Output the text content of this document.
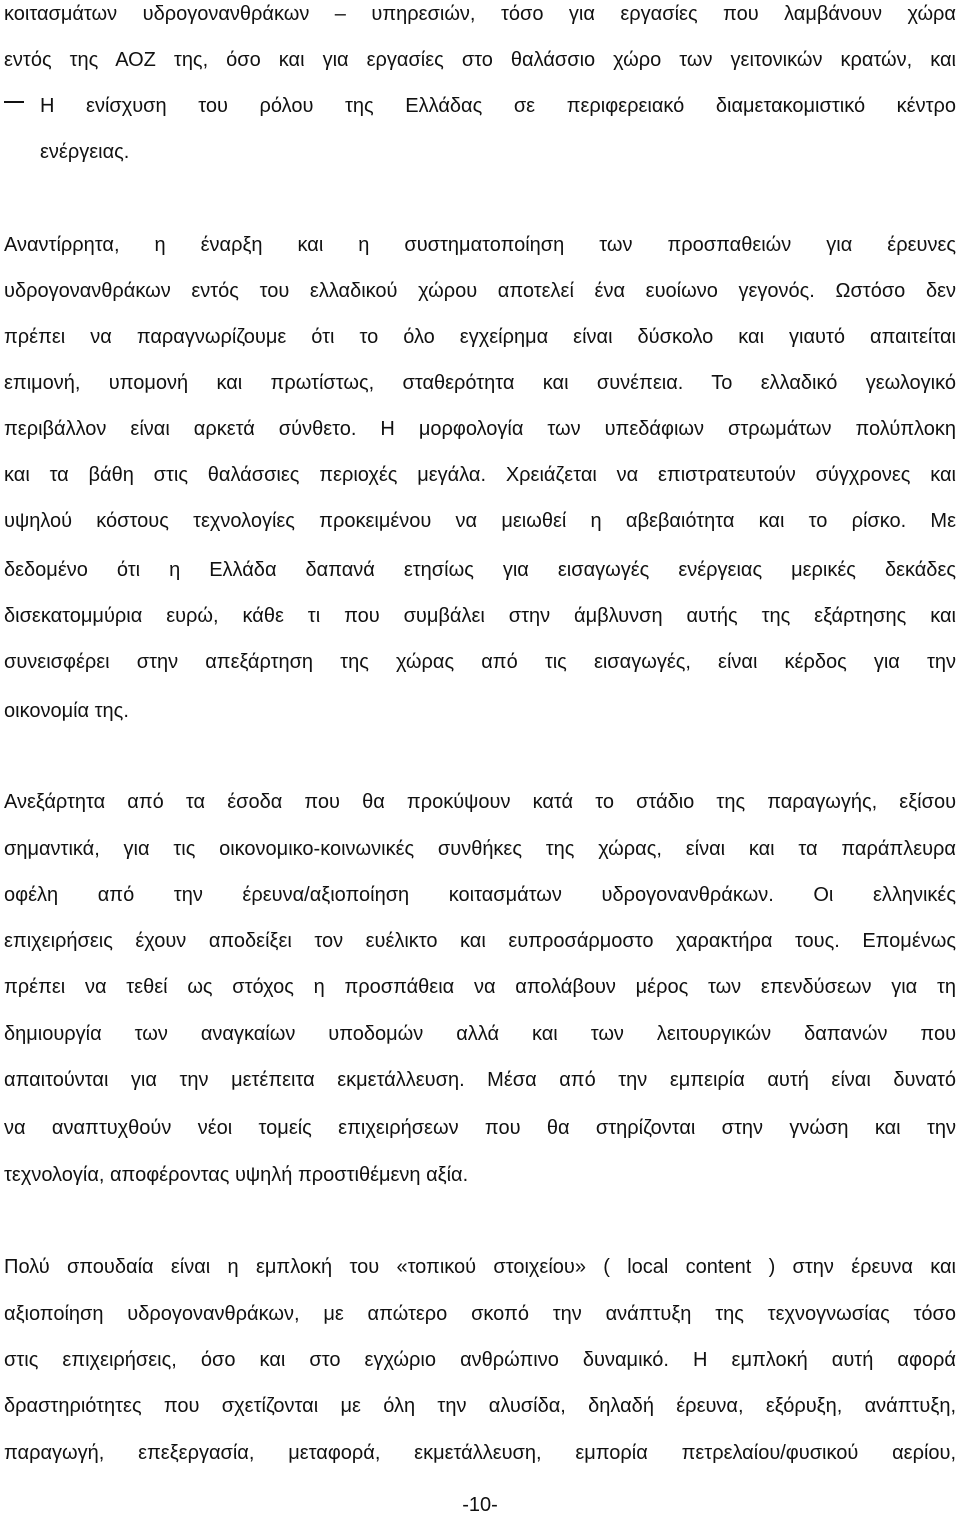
κοιτασμάτων υδρογονανθράκων – υπηρεσιών, τόσο για εργασίες που λαμβάνουν χώρα
εντός της ΑΟΖ της, όσο και για εργασίες στο θαλάσσιο χώρο των γειτονικών κρατών, και
Η ενίσχυση του ρόλου της Ελλάδας σε περιφερειακό διαμετακομιστικό κέντρο
ενέργειας.
Αναντίρρητα, η έναρξη και η συστηματοποίηση των προσπαθειών για έρευνες
υδρογονανθράκων εντός του ελλαδικού χώρου αποτελεί ένα ευοίωνο γεγονός. Ωστόσο δεν
πρέπει να παραγνωρίζουμε ότι το όλο εγχείρημα είναι δύσκολο και γιαυτό απαιτείται
επιμονή, υπομονή και πρωτίστως, σταθερότητα και συνέπεια. Το ελλαδικό γεωλογικό
περιβάλλον είναι αρκετά σύνθετο. Η μορφολογία των υπεδάφιων στρωμάτων πολύπλοκη
και τα βάθη στις θαλάσσιες περιοχές μεγάλα. Χρειάζεται να επιστρατευτούν σύγχρονες και
υψηλού κόστους τεχνολογίες προκειμένου να μειωθεί η αβεβαιότητα και το ρίσκο. Με
δεδομένο ότι η Ελλάδα δαπανά ετησίως για εισαγωγές ενέργειας μερικές δεκάδες
δισεκατομμύρια ευρώ, κάθε τι που συμβάλει στην άμβλυνση αυτής της εξάρτησης και
συνεισφέρει στην απεξάρτηση της χώρας από τις εισαγωγές, είναι κέρδος για την
οικονομία της.
Ανεξάρτητα από τα έσοδα που θα προκύψουν κατά το στάδιο της παραγωγής, εξίσου
σημαντικά, για τις οικονομικο-κοινωνικές συνθήκες της χώρας, είναι και τα παράπλευρα
οφέλη από την έρευνα/αξιοποίηση κοιτασμάτων υδρογονανθράκων. Οι ελληνικές
επιχειρήσεις έχουν αποδείξει τον ευέλικτο και ευπροσάρμοστο χαρακτήρα τους. Επομένως
πρέπει να τεθεί ως στόχος η προσπάθεια να απολάβουν μέρος των επενδύσεων για τη
δημιουργία των αναγκαίων υποδομών αλλά και των λειτουργικών δαπανών που
απαιτούνται για την μετέπειτα εκμετάλλευση. Μέσα από την εμπειρία αυτή είναι δυνατό
να αναπτυχθούν νέοι τομείς επιχειρήσεων που θα στηρίζονται στην γνώση και την
τεχνολογία, αποφέροντας υψηλή προστιθέμενη αξία.
Πολύ σπουδαία είναι η εμπλοκή του «τοπικού στοιχείου» ( local content ) στην έρευνα και
αξιοποίηση υδρογονανθράκων, με απώτερο σκοπό την ανάπτυξη της τεχνογνωσίας τόσο
στις επιχειρήσεις, όσο και στο εγχώριο ανθρώπινο δυναμικό. Η εμπλοκή αυτή αφορά
δραστηριότητες που σχετίζονται με όλη την αλυσίδα, δηλαδή έρευνα, εξόρυξη, ανάπτυξη,
παραγωγή, επεξεργασία, μεταφορά, εκμετάλλευση, εμπορία πετρελαίου/φυσικού αερίου,
-10-
